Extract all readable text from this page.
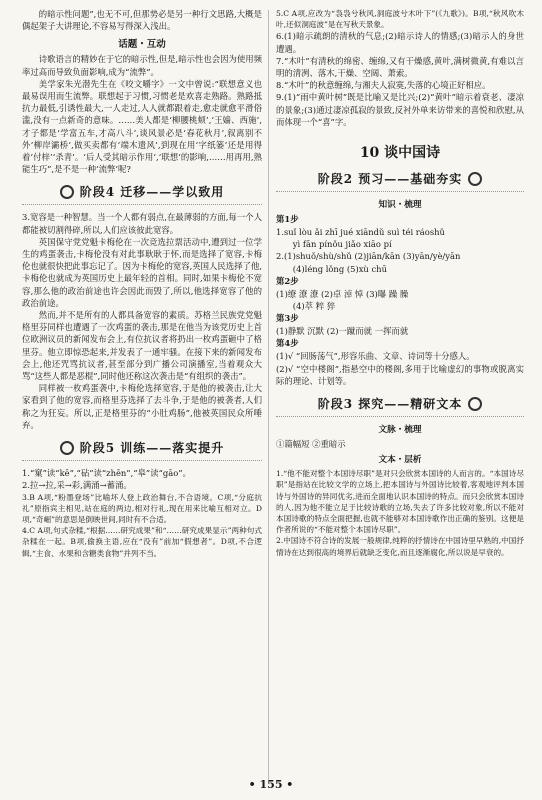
的暗示性问题”,也无不可,但那势必是另一种行文思路,大概是偶起架子大讲理论,不容易写得深入浅出。

话题・互动

诗歌语言的精妙在于它的暗示性,但是,暗示性也会因为使用频率过高而导致负面影响,成为“流弊”。

美学家朱光潜先生在《咬文嚼字》一文中曾说:“联想意义也最易误用而生流弊。联想起于习惯,习惯老是欢喜走熟路。熟路抵抗力最低,引诱性最大,一人走过,人人就都跟着走,愈走就愈平滑俗滥,没有一点新奇的意味。……美人都是‘柳腰桃颊’,‘王嫱、西施’,才子都是‘学富五车,才高八斗’,谈风景必是‘春花秋月’,叙离别不外‘柳岸灞桥’,做买卖都有‘端木遗风’,到现在用‘字纸篓’还是用得着‘付梓’‘杀青’。‘后人受其暗示作用’,‘联想’的影响,……用再用,熟能生巧”,是不是一种‘流弊’呢?

阶段4 迁移——学以致用

3.宽容是一种智慧。当一个人都有弱点,在最薄弱的方面,每一个人都能被切割得碎,所以,人们应该彼此宽容。

英国保守党党魁卡梅伦在一次竞选拉票活动中,遭到过一位学生的鸡蛋袭击,卡梅伦没有对此事耿耿于怀,而是选择了宽容,卡梅伦也就很快把此事忘记了。因为卡梅伦的宽容,英国人民选择了他,卡梅伦也就成为英国历史上最年轻的首相。同时,如果卡梅伦不宽容,那么他的政治前途也许会因此而毁了,所以,他选择宽容了他的政治前途。

然而,并不是所有的人都具备宽容的素质。苏格兰民族党党魁格里芬同样也遭遇了一次鸡蛋的袭击,那是在他当为该党历史上首位欧洲议员的新闻发布会上,有位抗议者将扔出一枚鸡蛋砸中了格里芬。他立即惊恐起来,并发表了一通牢骚。在接下来的新闻发布会上,他还咒骂抗议者,甚至部分到广播公司演播室,当着观众大骂“这些人都是恶棍”,同时他还称这次袭击是“有组织的袭击”。

同样被一枚鸡蛋袭中,卡梅伦选择宽容,于是他的被袭击,让大家看到了他的宽容,而格里芬选择了去斗争,于是他的被袭者,人们称之为狂妄。所以,正是格里芬的“小肚鸡肠”,他被英国民众所唾弃。

阶段5 训练——落实提升

1.“窠”读“kē”,“砧”读“zhēn”,“皋”读“gāo”。

2.拉→拉,采→彩,满涌→蓄涌。

3.B A项,“粉墨登场”比喻坏人登上政治舞台,不合语境。C项,“分庭抗礼”原指宾主相见,站在庭的两边,相对行礼,现在用来比喻互相对立。D项,“奇崛”的意思是倒映世间,同时有不合适。

4.C A项,句式杂糅,“根据……研究成果”和“……研究成果显示”两种句式杂糅在一起。B项,偷换主语,应在“没有”前加“假想者”。D项,不合逻辑,“主食、水果和含糖类食物”并列不当。

5.C A项,应改为“袅袅兮秋风,洞庭波兮木叶下”(《九歌》)。B项,“秋风吹木叶,还似洞庭波”是在写秋天景象。

6.(1)暗示疏朗的清秋的气息;(2)暗示诗人的情感;(3)暗示人的身世遭遇。

7.“木叶”有清秋的绵密、缠绵,又有干燥感,黄叶,满树微黄,有难以言明的清冽、落木,干燥、空阔、萧索。

8.“木叶”的秋意缠绵,与湘夫人寂寞,失落的心境正好相应。

9.(1)“雨中黄叶树”既是比喻又是比兴;(2)“黄叶”暗示着衰老、凄凉的景象;(3)通过凄凉孤寂的景致,反衬外单来访带来的喜悦和欣慰,从而体现一个“喜”字。

10 谈中国诗
阶段2 预习——基础夯实
知识・梳理
第1步

1.suǐ lòu ǎi zhī jué xiāndǔ suì téi ráoshǔ

yì fān pínǒu jiǎo xiāo pí

2.(1)shuǒ/shù/shǔ (2)jiān/kān (3)yān/yè/yān

(4)léng lǒng (5)xù chū

第2步

(1)缭 潦 潦 (2)卓 淖 悼 (3)曝 躁 臊

(4)萃 粹 猝

第3步

(1)静默 沉默 (2)一蹴而就 一挥而就

第4步

(1)√ “回肠荡气”,形容乐曲、文章、诗词等十分感人。

(2)√ “空中楼阁”,指悬空中的楼阁,多用于比喻虚幻的事物或脱离实际的理论、计划等。

阶段3 探究——精研文本
文脉・梳理

①篇幅短 ②重暗示

文本・层析

1.“他不能对整个本国诗尽职”是对只会欣赏本国诗的人而言的。“本国诗尽职”是指站在比较文学的立场上,把本国诗与外国诗比较着,客观地评判本国诗与外国诗的异同优劣,进而全面地认识本国诗的特点。而只会欣赏本国诗的人,因为他不能立足于比较诗歌的立场,失去了许多比较对象,所以不能对本国诗歌的特点全面把握,也就不能够对本国诗歌作出正确的鉴别。这便是作者所说的“不能对整个本国诗尽职”。

2.中国诗不符合诗的发展一般规律,纯粹的抒情诗在中国诗里早熟的,中国抒情诗在达到很高的境界后就缺乏变化,而且逐渐腐化,所以说是早衰的。

• 155 •
